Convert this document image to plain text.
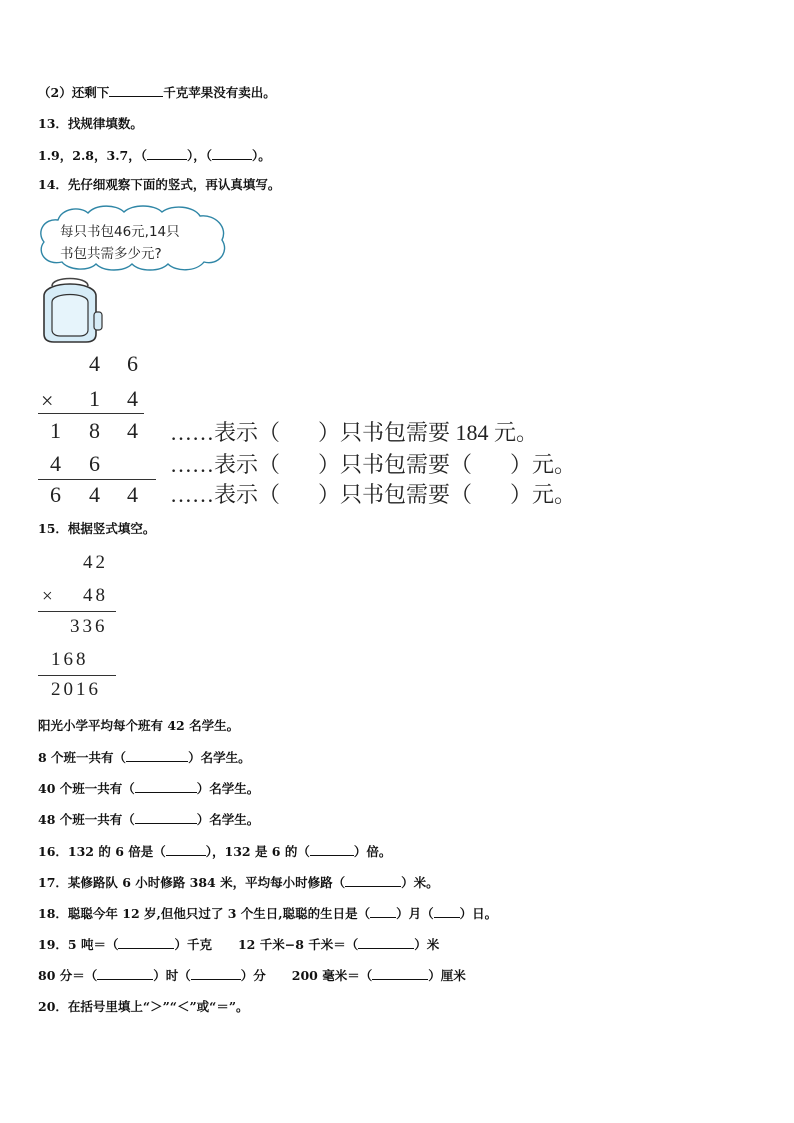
（2）还剩下	千克苹果没有卖出。
13．找规律填数。
1.9，2.8，3.7，（	），（	）。
14．先仔细观察下面的竖式，再认真填写。
每只书包46元,14只
书包共需多少元?
4 6
× 1 4
1 8 4
4 6
6 4 4
……表示（ ）只书包需要 184 元。
……表示（ ）只书包需要（ ）元。
……表示（ ）只书包需要（ ）元。
15．根据竖式填空。
42
× 48
336
168
2016
阳光小学平均每个班有 42 名学生。
8 个班一共有（	）名学生。
40 个班一共有（	）名学生。
48 个班一共有（	）名学生。
16．132 的 6 倍是（	），132 是 6 的（	）倍。
17．某修路队 6 小时修路 384 米，平均每小时修路（	）米。
18．聪聪今年 12 岁,但他只过了 3 个生日,聪聪的生日是（ ）月（ ）日。
19．5 吨＝（	）千克 12 千米−8 千米＝（	）米
80 分＝（	）时（	）分 200 毫米＝（	）厘米
20．在括号里填上“＞”“＜”或“＝”。
